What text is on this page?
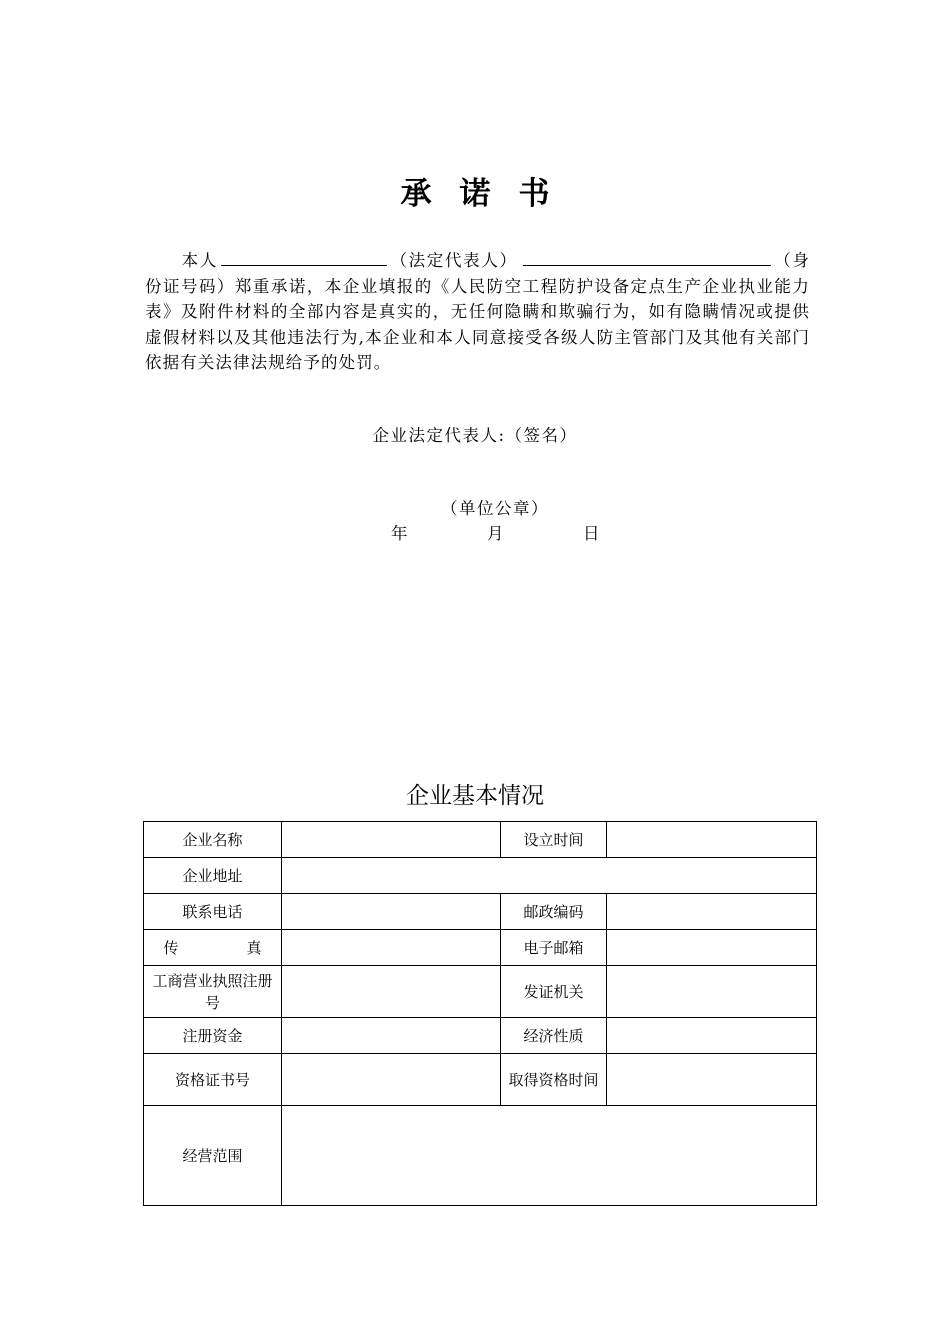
承诺书
本人	（法定代表人）	（身份证号码）郑重承诺，本企业填报的《人民防空工程防护设备定点生产企业执业能力表》及附件材料的全部内容是真实的，无任何隐瞒和欺骗行为，如有隐瞒情况或提供虚假材料以及其他违法行为,本企业和本人同意接受各级人防主管部门及其他有关部门依据有关法律法规给予的处罚。
企业法定代表人:（签名）
（单位公章）
年	月	日
企业基本情况
企业名称		设立时间	
企业地址			
联系电话		邮政编码	
传 真		电子邮箱	
工商营业执照注册号		发证机关	
注册资金		经济性质	
资格证书号		取得资格时间	
经营范围			
